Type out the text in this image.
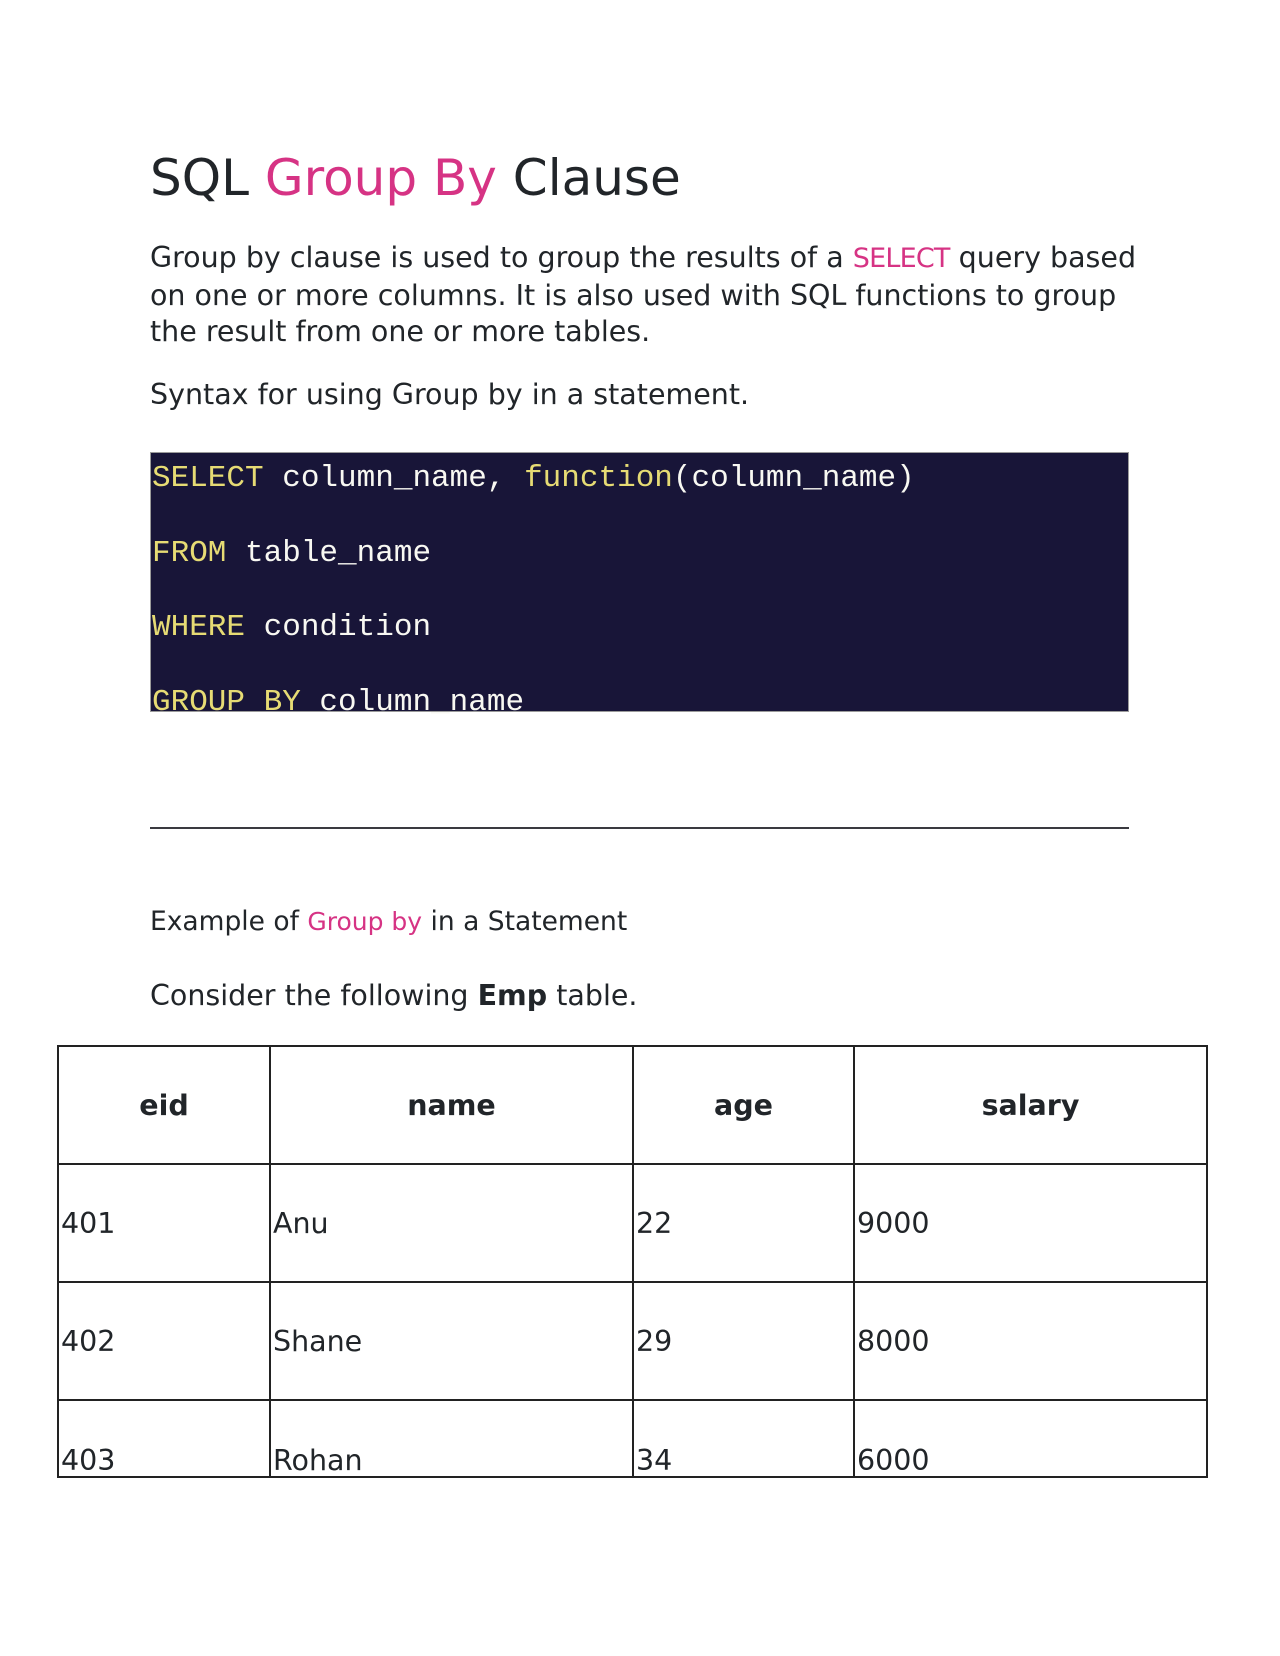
SQL Group By Clause

Group by clause is used to group the results of a SELECT query based on one or more columns. It is also used with SQL functions to group the result from one or more tables.

Syntax for using Group by in a statement.

SELECT column_name, function(column_name)
FROM table_name
WHERE condition
GROUP BY column_name
Example of Group by in a Statement

Consider the following Emp table.

eid	name	age	salary
401	Anu	22	9000
402	Shane	29	8000
403	Rohan	34	6000
